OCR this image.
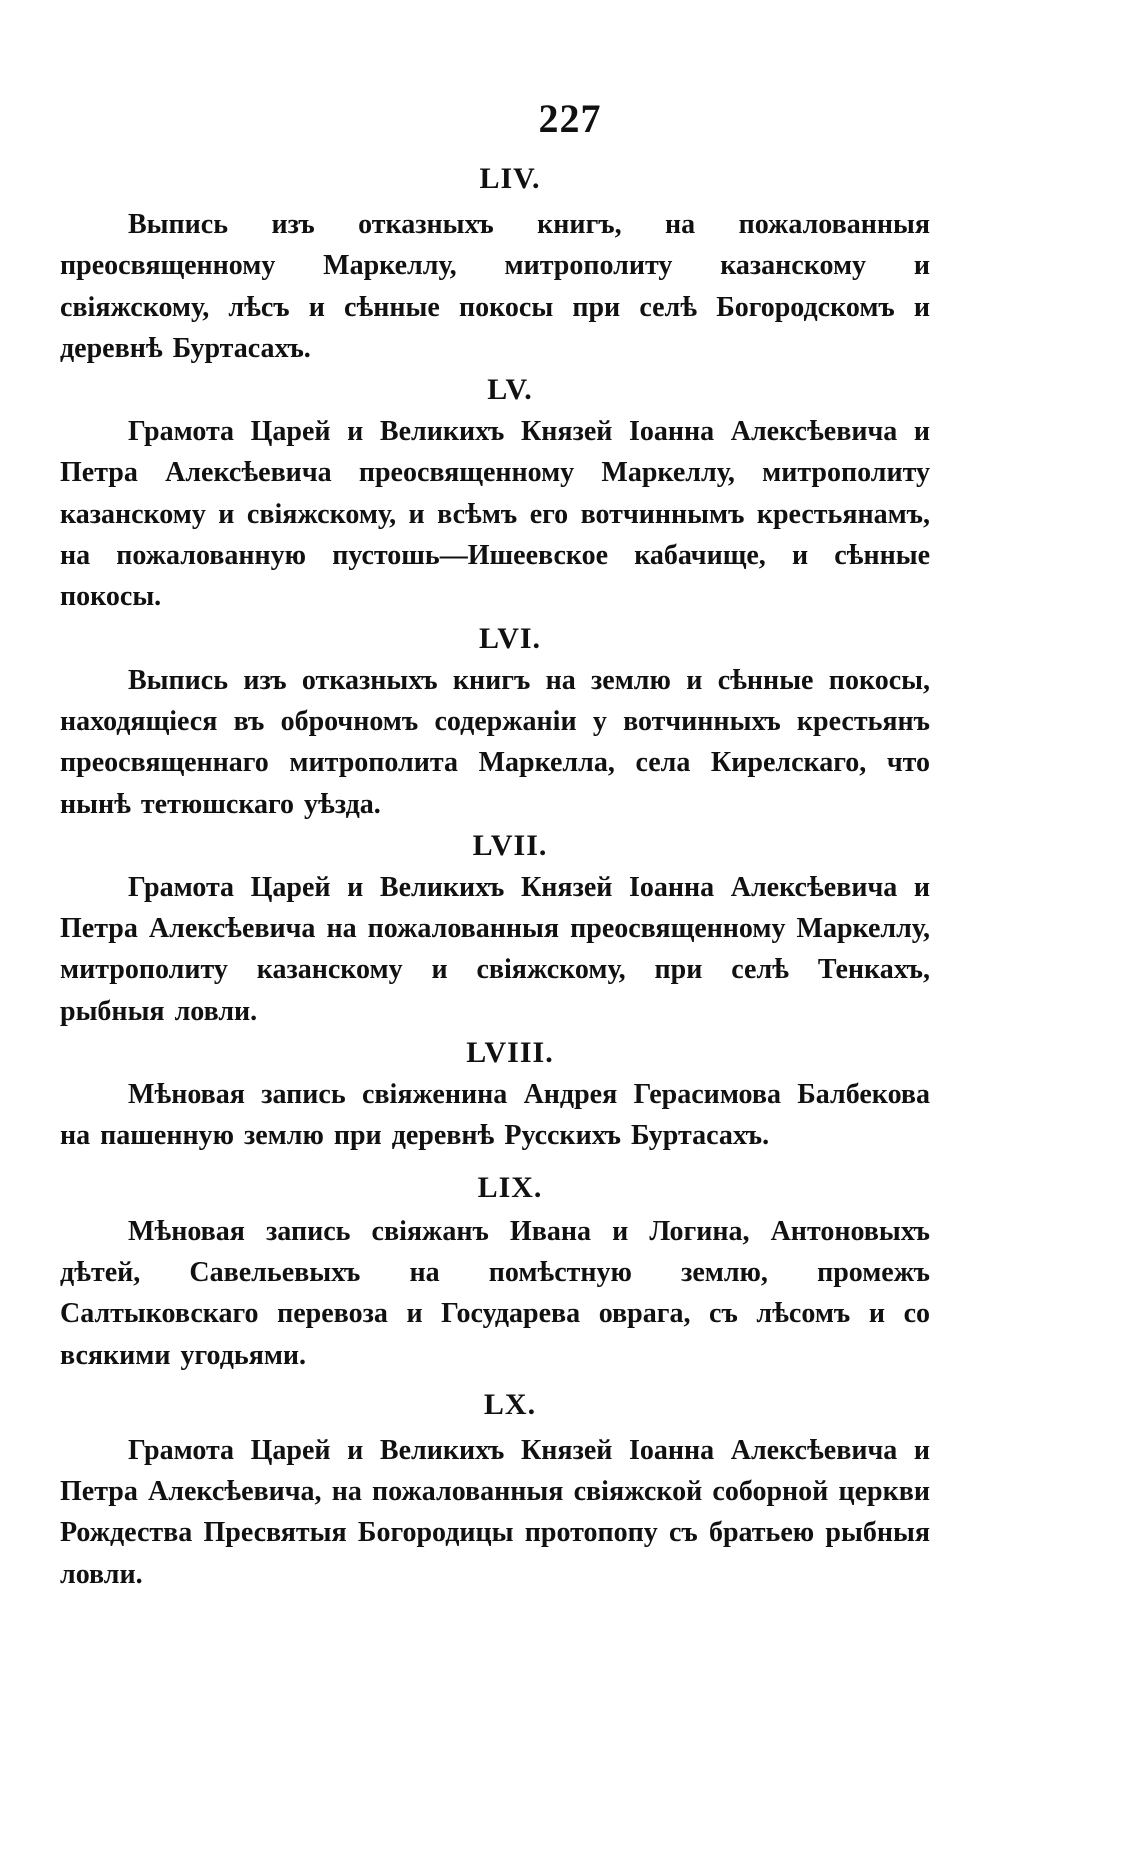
227

LIV.

Выпись изъ отказныхъ книгъ, на пожалованныя преосвященному Маркеллу, митрополиту казанскому и свіяжскому, лѣсъ и сѣнные покосы при селѣ Богородскомъ и деревнѣ Буртасахъ.

LV.

Грамота Царей и Великихъ Князей Іоанна Алексѣевича и Петра Алексѣевича преосвященному Маркеллу, митрополиту казанскому и свіяжскому, и всѣмъ его вотчиннымъ крестьянамъ, на пожалованную пустошь—Ишеевское кабачище, и сѣнные покосы.

LVI.

Выпись изъ отказныхъ книгъ на землю и сѣнные покосы, находящіеся въ оброчномъ содержаніи у вотчинныхъ крестьянъ преосвященнаго митрополита Маркелла, села Кирелскаго, что нынѣ тетюшскаго уѣзда.

LVII.

Грамота Царей и Великихъ Князей Іоанна Алексѣевича и Петра Алексѣевича на пожалованныя преосвященному Маркеллу, митрополиту казанскому и свіяжскому, при селѣ Тенкахъ, рыбныя ловли.

LVIII.

Мѣновая запись свіяженина Андрея Герасимова Балбекова на пашенную землю при деревнѣ Русскихъ Буртасахъ.

LIX.

Мѣновая запись свіяжанъ Ивана и Логина, Антоновыхъ дѣтей, Савельевыхъ на помѣстную землю, промежъ Салтыковскаго перевоза и Государева оврага, съ лѣсомъ и со всякими угодьями.

LX.

Грамота Царей и Великихъ Князей Іоанна Алексѣевича и Петра Алексѣевича, на пожалованныя свіяжской соборной церкви Рождества Пресвятыя Богородицы протопопу съ братьею рыбныя ловли.
